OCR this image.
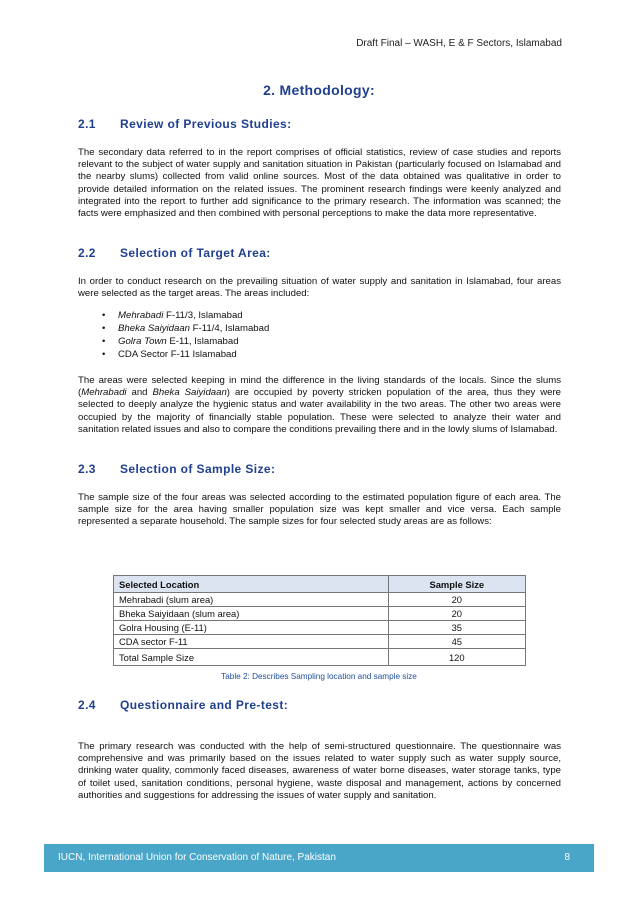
Draft Final – WASH, E & F Sectors, Islamabad
2. Methodology:
2.1 Review of Previous Studies:
The secondary data referred to in the report comprises of official statistics, review of case studies and reports relevant to the subject of water supply and sanitation situation in Pakistan (particularly focused on Islamabad and the nearby slums) collected from valid online sources. Most of the data obtained was qualitative in order to provide detailed information on the related issues. The prominent research findings were keenly analyzed and integrated into the report to further add significance to the primary research. The information was scanned; the facts were emphasized and then combined with personal perceptions to make the data more representative.
2.2 Selection of Target Area:
In order to conduct research on the prevailing situation of water supply and sanitation in Islamabad, four areas were selected as the target areas. The areas included:
• Mehrabadi F-11/3, Islamabad
• Bheka Saiyidaan F-11/4, Islamabad
• Golra Town E-11, Islamabad
• CDA Sector F-11 Islamabad
The areas were selected keeping in mind the difference in the living standards of the locals. Since the slums (Mehrabadi and Bheka Saiyidaan) are occupied by poverty stricken population of the area, thus they were selected to deeply analyze the hygienic status and water availability in the two areas. The other two areas were occupied by the majority of financially stable population. These were selected to analyze their water and sanitation related issues and also to compare the conditions prevailing there and in the lowly slums of Islamabad.
2.3 Selection of Sample Size:
The sample size of the four areas was selected according to the estimated population figure of each area. The sample size for the area having smaller population size was kept smaller and vice versa. Each sample represented a separate household. The sample sizes for four selected study areas are as follows:
Selected Location	Sample Size
Mehrabadi (slum area)	20
Bheka Saiyidaan (slum area)	20
Golra Housing (E-11)	35
CDA sector F-11	45
Total Sample Size	120
Table 2: Describes Sampling location and sample size
2.4 Questionnaire and Pre-test:
The primary research was conducted with the help of semi-structured questionnaire. The questionnaire was comprehensive and was primarily based on the issues related to water supply such as water supply source, drinking water quality, commonly faced diseases, awareness of water borne diseases, water storage tanks, type of toilet used, sanitation conditions, personal hygiene, waste disposal and management, actions by concerned authorities and suggestions for addressing the issues of water supply and sanitation.
IUCN, International Union for Conservation of Nature, Pakistan	8
